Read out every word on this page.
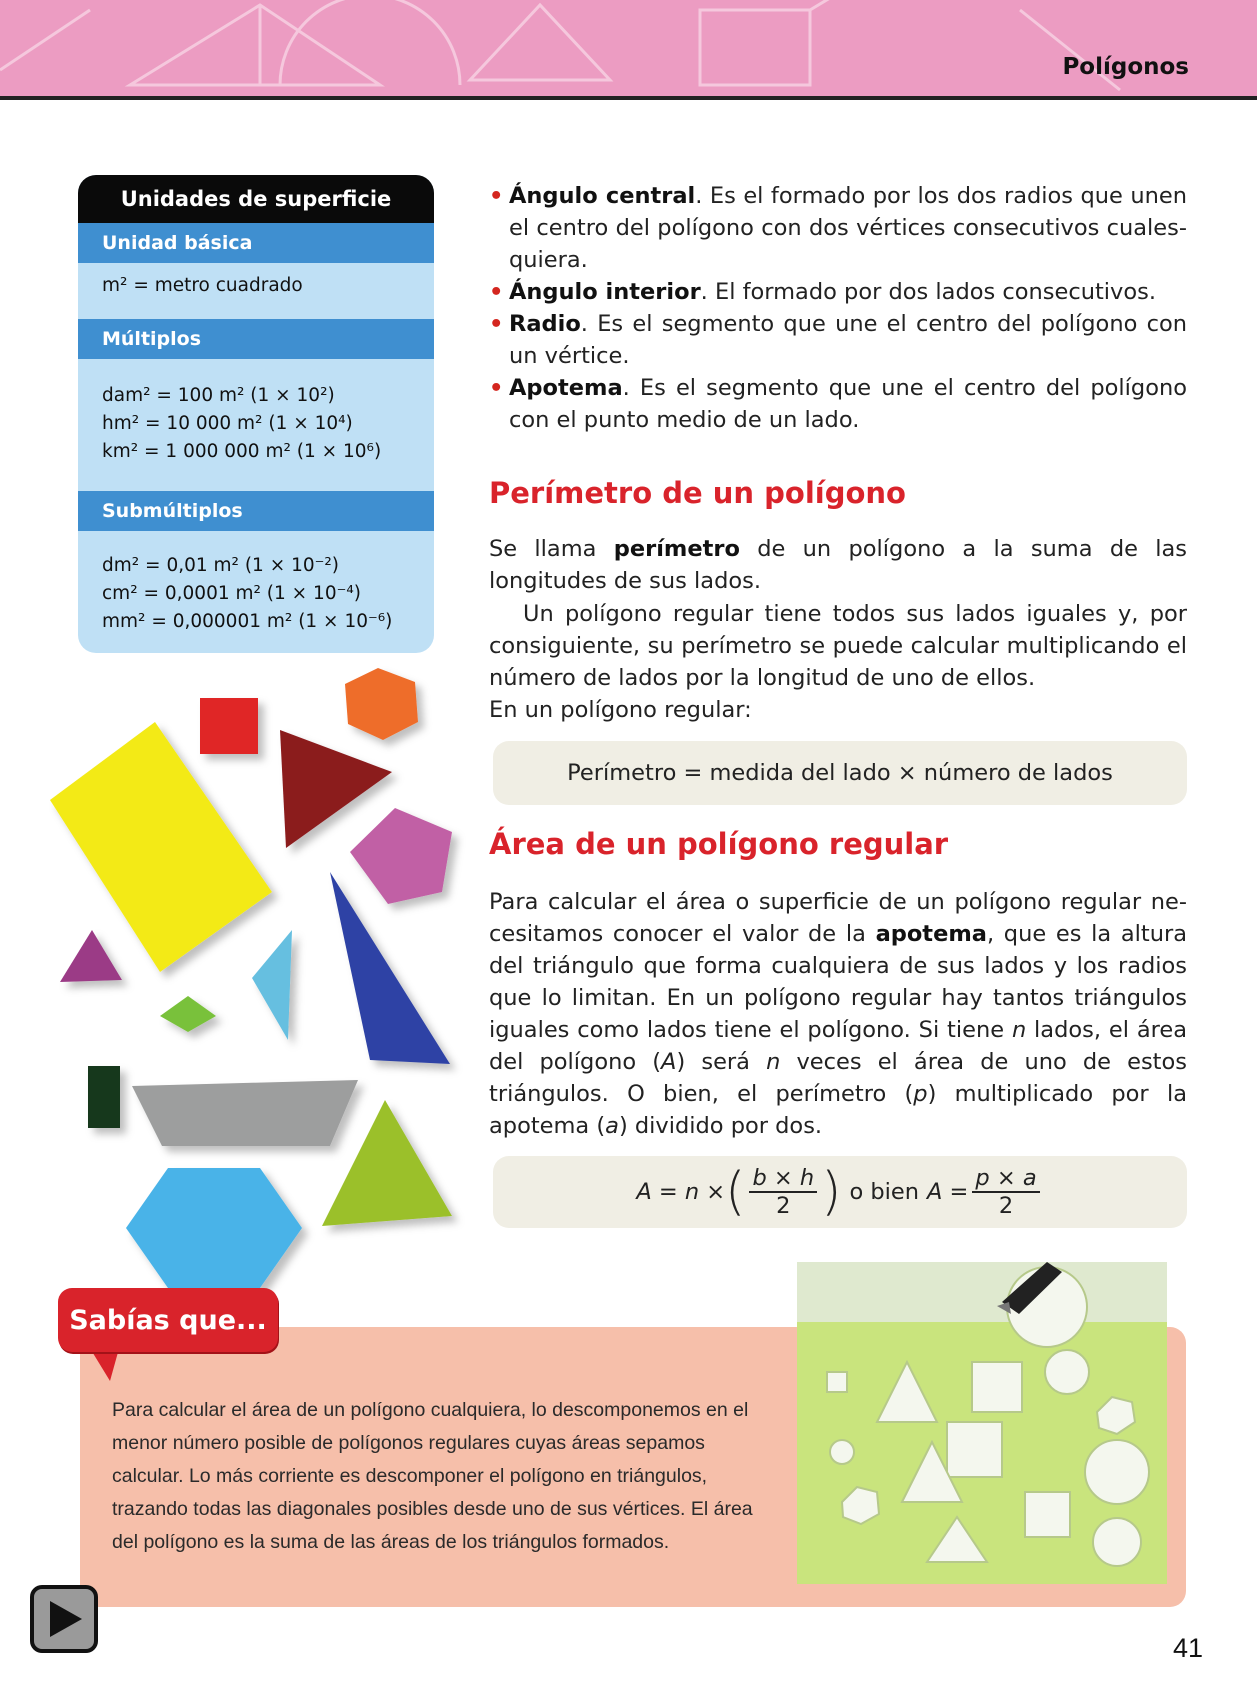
Polígonos
Unidades de superficie
Unidad básica
m² = metro cuadrado
Múltiplos
dam² = 100 m² (1 × 10²)
hm² = 10 000 m² (1 × 10⁴)
km² = 1 000 000 m² (1 × 10⁶)
Submúltiplos
dm² = 0,01 m² (1 × 10⁻²)
cm² = 0,0001 m² (1 × 10⁻⁴)
mm² = 0,000001 m² (1 × 10⁻⁶)

• Ángulo central. Es el formado por los dos radios que unen el centro del polígono con dos vértices consecutivos cualesquiera.

• Ángulo interior. El formado por dos lados consecutivos.

• Radio. Es el segmento que une el centro del polígono con un vértice.

• Apotema. Es el segmento que une el centro del polígono con el punto medio de un lado.

Perímetro de un polígono
Se llama perímetro de un polígono a la suma de las longitudes de sus lados.
Un polígono regular tiene todos sus lados iguales y, por consiguiente, su perímetro se puede calcular multiplicando el número de lados por la longitud de uno de ellos.
En un polígono regular:
Perímetro = medida del lado × número de lados
Área de un polígono regular
Para calcular el área o superficie de un polígono regular necesitamos conocer el valor de la apotema, que es la altura del triángulo que forma cualquiera de sus lados y los radios que lo limitan. En un polígono regular hay tantos triángulos iguales como lados tiene el polígono. Si tiene n lados, el área del polígono (A) será n veces el área de uno de estos triángulos. O bien, el perímetro (p) multiplicado por la apotema (a) dividido por dos.
A = n × ( $\frac{b \times h}{2}$ ) o bien $A = \frac{p \times a}{2}$
Sabías que...
Para calcular el área de un polígono cualquiera, lo descomponemos en el menor número posible de polígonos regulares cuyas áreas sepamos calcular. Lo más corriente es descomponer el polígono en triángulos, trazando todas las diagonales posibles desde uno de sus vértices. El área del polígono es la suma de las áreas de los triángulos formados.
41
